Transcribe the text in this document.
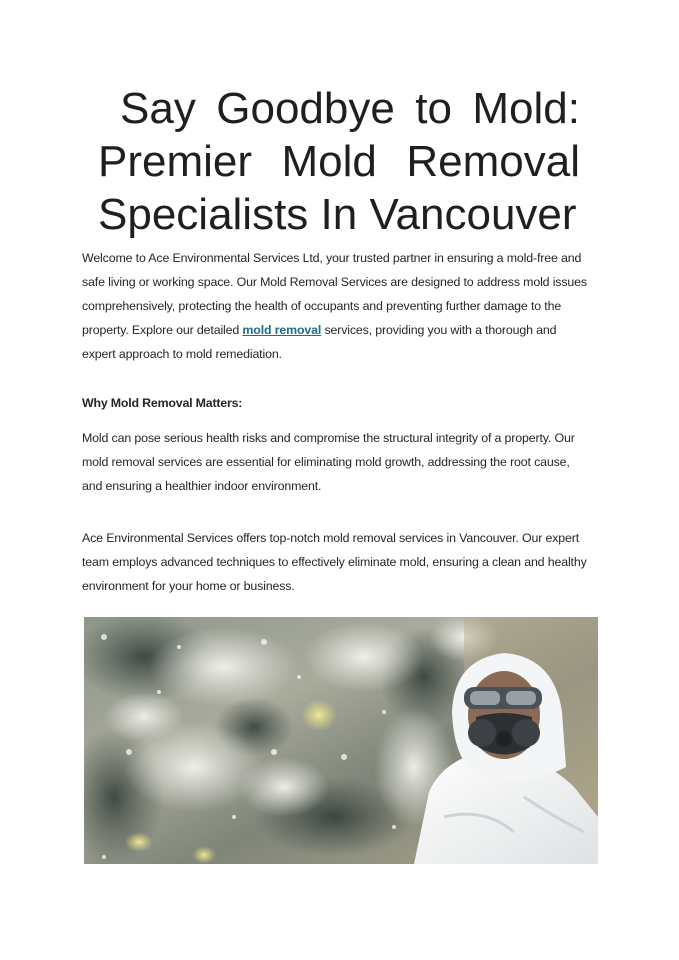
Say Goodbye to Mold:
Premier Mold Removal
Specialists In Vancouver

Welcome to Ace Environmental Services Ltd, your trusted partner in ensuring a mold-free and safe living or working space. Our Mold Removal Services are designed to address mold issues comprehensively, protecting the health of occupants and preventing further damage to the property. Explore our detailed mold removal services, providing you with a thorough and expert approach to mold remediation.

Why Mold Removal Matters:

Mold can pose serious health risks and compromise the structural integrity of a property. Our mold removal services are essential for eliminating mold growth, addressing the root cause, and ensuring a healthier indoor environment.

Ace Environmental Services offers top-notch mold removal services in Vancouver. Our expert team employs advanced techniques to effectively eliminate mold, ensuring a clean and healthy environment for your home or business.
